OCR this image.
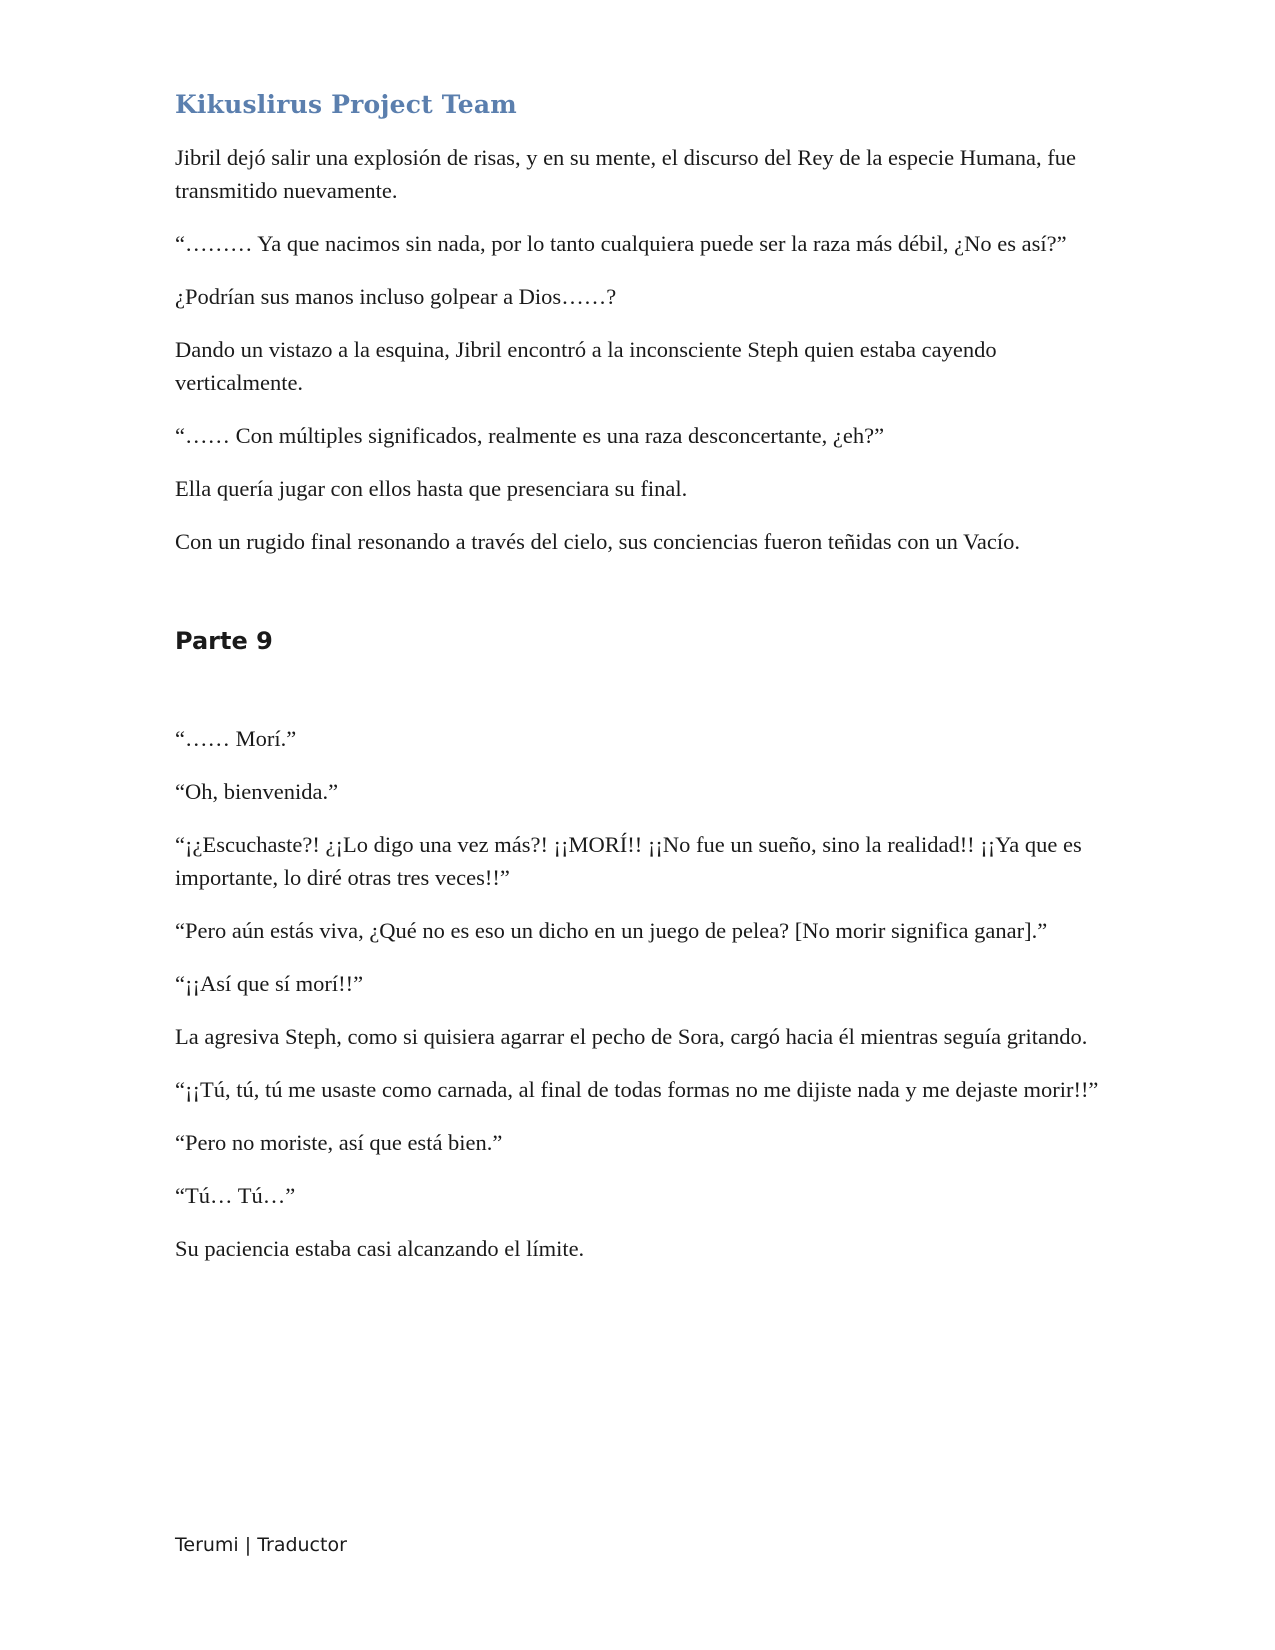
Kikuslirus Project Team

Jibril dejó salir una explosión de risas, y en su mente, el discurso del Rey de la especie Humana, fue transmitido nuevamente.

“……… Ya que nacimos sin nada, por lo tanto cualquiera puede ser la raza más débil, ¿No es así?”

¿Podrían sus manos incluso golpear a Dios……?

Dando un vistazo a la esquina, Jibril encontró a la inconsciente Steph quien estaba cayendo verticalmente.

“…… Con múltiples significados, realmente es una raza desconcertante, ¿eh?”

Ella quería jugar con ellos hasta que presenciara su final.

Con un rugido final resonando a través del cielo, sus conciencias fueron teñidas con un Vacío.

Parte 9

“…… Morí.”

“Oh, bienvenida.”

“¡¿Escuchaste?! ¿¡Lo digo una vez más?! ¡¡MORÍ!! ¡¡No fue un sueño, sino la realidad!! ¡¡Ya que es importante, lo diré otras tres veces!!”

“Pero aún estás viva, ¿Qué no es eso un dicho en un juego de pelea? [No morir significa ganar].”

“¡¡Así que sí morí!!”

La agresiva Steph, como si quisiera agarrar el pecho de Sora, cargó hacia él mientras seguía gritando.

“¡¡Tú, tú, tú me usaste como carnada, al final de todas formas no me dijiste nada y me dejaste morir!!”

“Pero no moriste, así que está bien.”

“Tú… Tú…”

Su paciencia estaba casi alcanzando el límite.

Terumi | Traductor
